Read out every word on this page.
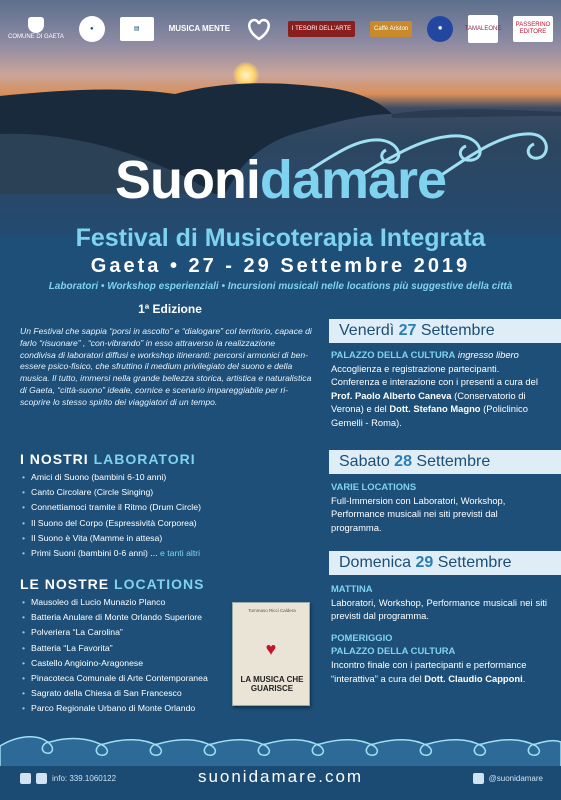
COMUNE DI GAETA
●	▤	MUSICA MENTE	I TESORI DELL'ARTE	Caffè Ariston	✹	TAMALEONE
PASSERINO EDITORE
Suonidamare
Festival di Musicoterapia Integrata
Gaeta • 27 - 29 Settembre 2019
Laboratori • Workshop esperienziali • Incursioni musicali nelle locations più suggestive della città
1ª Edizione
Un Festival che sappia “porsi in ascolto” e “dialogare” col territorio, capace di farlo “risuonare” , “con-vibrando” in esso attraverso la realizzazione condivisa di laboratori diffusi e workshop itineranti: percorsi armonici di ben-essere psico-fisico, che sfruttino il medium privilegiato del suono e della musica. Il tutto, immersi nella grande bellezza storica, artistica e naturalistica di Gaeta, “città-suono” ideale, cornice e scenario impareggiabile per ri-scoprire lo stesso spirito dei viaggiatori di un tempo.
I NOSTRI LABORATORI
• Amici di Suono (bambini 6-10 anni)
• Canto Circolare (Circle Singing)
• Connettiamoci tramite il Ritmo (Drum Circle)
• Il Suono del Corpo (Espressività Corporea)
• Il Suono è Vita (Mamme in attesa)
• Primi Suoni (bambini 0-6 anni) ... e tanti altri
LE NOSTRE LOCATIONS
• Mausoleo di Lucio Munazio Planco
• Batteria Anulare di Monte Orlando Superiore
• Polveriera “La Carolina”
• Batteria “La Favorita”
• Castello Angioino-Aragonese
• Pinacoteca Comunale di Arte Contemporanea
• Sagrato della Chiesa di San Francesco
• Parco Regionale Urbano di Monte Orlando
Tommaso Ricci Caldera
♥
LA MUSICA CHE GUARISCE
Venerdì 27 Settembre
PALAZZO DELLA CULTURA ingresso libero Accoglienza e registrazione partecipanti. Conferenza e interazione con i presenti a cura del Prof. Paolo Alberto Caneva (Conservatorio di Verona) e del Dott. Stefano Magno (Policlinico Gemelli - Roma).
Sabato 28 Settembre
VARIE LOCATIONS
Full-Immersion con Laboratori, Workshop, Performance musicali nei siti previsti dal programma.
Domenica 29 Settembre
MATTINA
Laboratori, Workshop, Performance musicali nei siti previsti dal programma.
POMERIGGIO
PALAZZO DELLA CULTURA
Incontro finale con i partecipanti e performance “interattiva” a cura del Dott. Claudio Capponi.
info: 339.1060122	suonidamare.com	@suonidamare
